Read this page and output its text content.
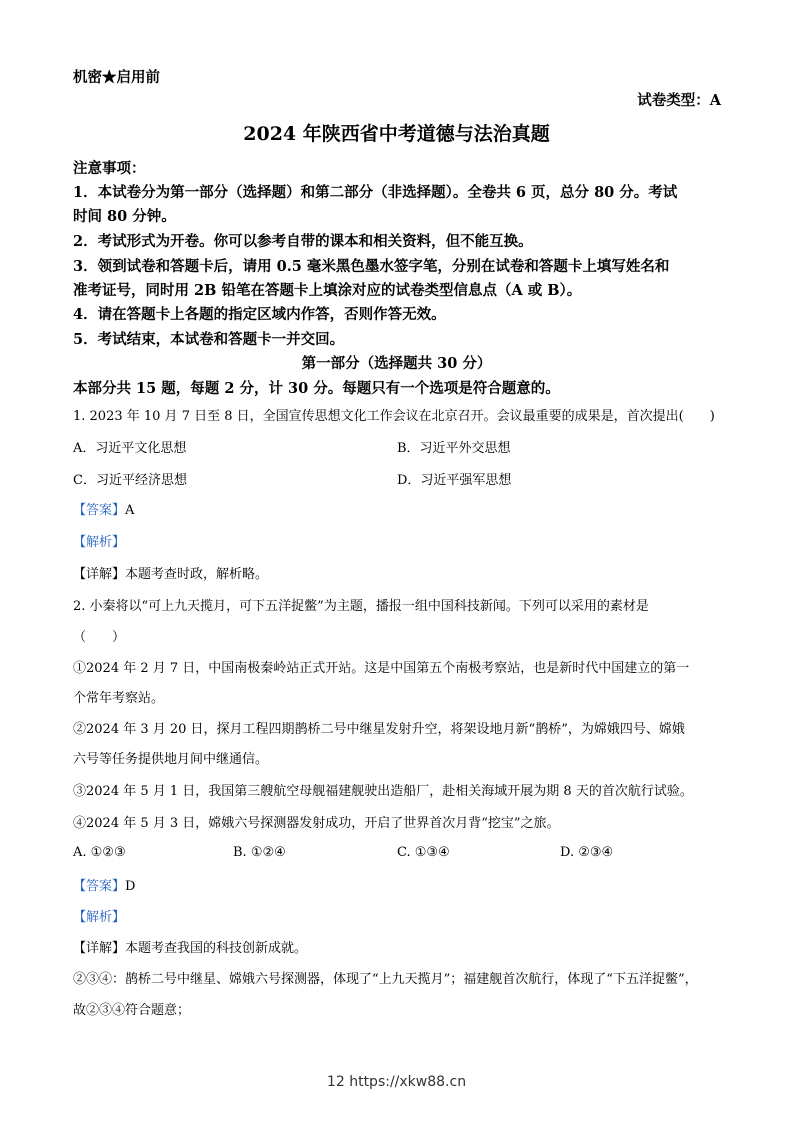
机密★启用前
试卷类型：A
2024 年陕西省中考道德与法治真题
注意事项：
1．本试卷分为第一部分（选择题）和第二部分（非选择题）。全卷共 6 页，总分 80 分。考试
时间 80 分钟。
2．考试形式为开卷。你可以参考自带的课本和相关资料，但不能互换。
3．领到试卷和答题卡后，请用 0.5 毫米黑色墨水签字笔，分别在试卷和答题卡上填写姓名和
准考证号，同时用 2B 铅笔在答题卡上填涂对应的试卷类型信息点（A 或 B）。
4．请在答题卡上各题的指定区域内作答，否则作答无效。
5．考试结束，本试卷和答题卡一并交回。
第一部分（选择题共 30 分）
本部分共 15 题，每题 2 分，计 30 分。每题只有一个选项是符合题意的。
1. 2023 年 10 月 7 日至 8 日，全国宣传思想文化工作会议在北京召开。会议最重要的成果是，首次提出(　　)
A．习近平文化思想	B．习近平外交思想
C．习近平经济思想	D．习近平强军思想
【答案】A
【解析】
【详解】本题考查时政，解析略。
2. 小秦将以“可上九天揽月，可下五洋捉鳖”为主题，播报一组中国科技新闻。下列可以采用的素材是
（　　）
①2024 年 2 月 7 日，中国南极秦岭站正式开站。这是中国第五个南极考察站，也是新时代中国建立的第一
个常年考察站。
②2024 年 3 月 20 日，探月工程四期鹊桥二号中继星发射升空，将架设地月新“鹊桥”，为嫦娥四号、嫦娥
六号等任务提供地月间中继通信。
③2024 年 5 月 1 日，我国第三艘航空母舰福建舰驶出造船厂，赴相关海域开展为期 8 天的首次航行试验。
④2024 年 5 月 3 日，嫦娥六号探测器发射成功，开启了世界首次月背“挖宝”之旅。
A. ①②③	B. ①②④	C. ①③④	D. ②③④
【答案】D
【解析】
【详解】本题考查我国的科技创新成就。
②③④：鹊桥二号中继星、嫦娥六号探测器，体现了“上九天揽月”；福建舰首次航行，体现了“下五洋捉鳖”，
故②③④符合题意；
12 https://xkw88.cn
